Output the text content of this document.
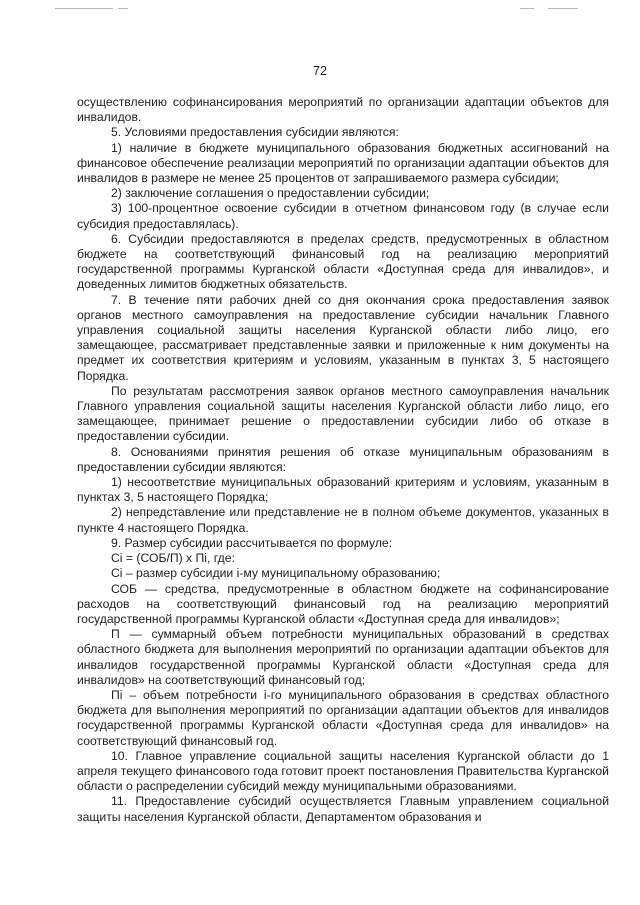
72

осуществлению софинансирования мероприятий по организации адаптации объектов для инвалидов.

5. Условиями предоставления субсидии являются:

1) наличие в бюджете муниципального образования бюджетных ассигнований на финансовое обеспечение реализации мероприятий по организации адаптации объектов для инвалидов в размере не менее 25 процентов от запрашиваемого размера субсидии;

2) заключение соглашения о предоставлении субсидии;

3) 100-процентное освоение субсидии в отчетном финансовом году (в случае если субсидия предоставлялась).

6. Субсидии предоставляются в пределах средств, предусмотренных в областном бюджете на соответствующий финансовый год на реализацию мероприятий государственной программы Курганской области «Доступная среда для инвалидов», и доведенных лимитов бюджетных обязательств.

7. В течение пяти рабочих дней со дня окончания срока предоставления заявок органов местного самоуправления на предоставление субсидии начальник Главного управления социальной защиты населения Курганской области либо лицо, его замещающее, рассматривает представленные заявки и приложенные к ним документы на предмет их соответствия критериям и условиям, указанным в пунктах 3, 5 настоящего Порядка.

По результатам рассмотрения заявок органов местного самоуправления начальник Главного управления социальной защиты населения Курганской области либо лицо, его замещающее, принимает решение о предоставлении субсидии либо об отказе в предоставлении субсидии.

8. Основаниями принятия решения об отказе муниципальным образованиям в предоставлении субсидии являются:

1) несоответствие муниципальных образований критериям и условиям, указанным в пунктах 3, 5 настоящего Порядка;

2) непредставление или представление не в полном объеме документов, указанных в пункте 4 настоящего Порядка.

9. Размер субсидии рассчитывается по формуле:

Сi = (СОБ/П) х Пi, где:

Сi – размер субсидии i-му муниципальному образованию;

СОБ — средства, предусмотренные в областном бюджете на софинансирование расходов на соответствующий финансовый год на реализацию мероприятий государственной программы Курганской области «Доступная среда для инвалидов»;

П — суммарный объем потребности муниципальных образований в средствах областного бюджета для выполнения мероприятий по организации адаптации объектов для инвалидов государственной программы Курганской области «Доступная среда для инвалидов» на соответствующий финансовый год;

Пi – объем потребности i-го муниципального образования в средствах областного бюджета для выполнения мероприятий по организации адаптации объектов для инвалидов государственной программы Курганской области «Доступная среда для инвалидов» на соответствующий финансовый год.

10. Главное управление социальной защиты населения Курганской области до 1 апреля текущего финансового года готовит проект постановления Правительства Курганской области о распределении субсидий между муниципальными образованиями.

11. Предоставление субсидий осуществляется Главным управлением социальной защиты населения Курганской области, Департаментом образования и
